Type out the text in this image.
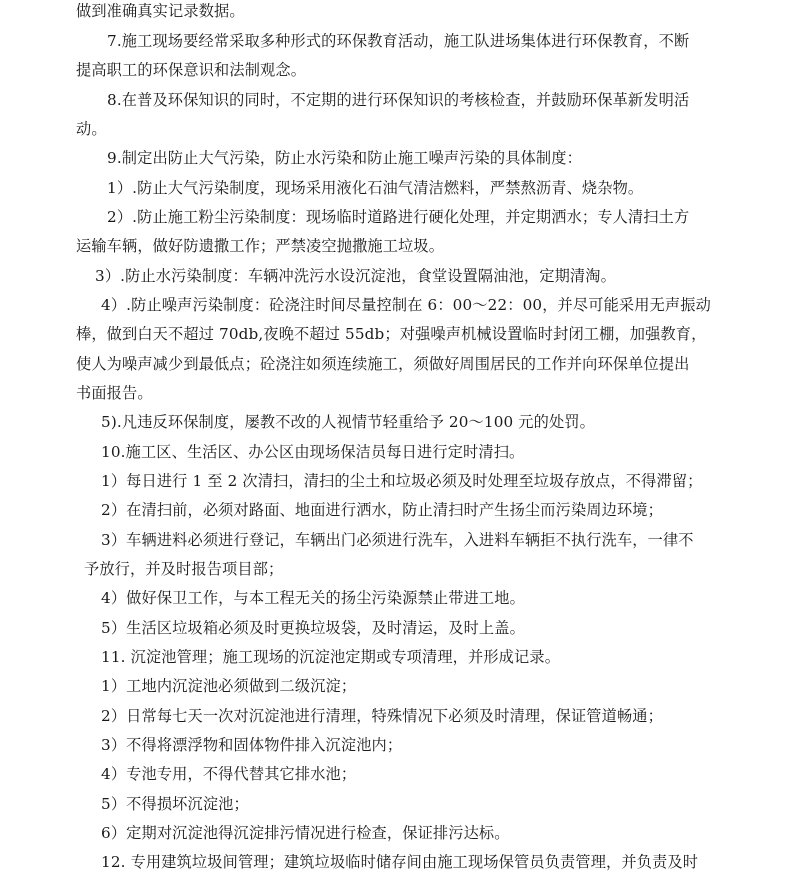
做到准确真实记录数据。
7.施工现场要经常采取多种形式的环保教育活动，施工队进场集体进行环保教育，不断
提高职工的环保意识和法制观念。
8.在普及环保知识的同时，不定期的进行环保知识的考核检查，并鼓励环保革新发明活
动。
9.制定出防止大气污染，防止水污染和防止施工噪声污染的具体制度：
1）.防止大气污染制度，现场采用液化石油气清洁燃料，严禁熬沥青、烧杂物。
2）.防止施工粉尘污染制度：现场临时道路进行硬化处理，并定期洒水；专人清扫土方
运输车辆，做好防遗撒工作；严禁凌空抛撒施工垃圾。
3）.防止水污染制度：车辆冲洗污水设沉淀池，食堂设置隔油池，定期清淘。
4）.防止噪声污染制度：砼浇注时间尽量控制在 6：00～22：00，并尽可能采用无声振动
棒，做到白天不超过 70db,夜晚不超过 55db；对强噪声机械设置临时封闭工棚，加强教育，
使人为噪声减少到最低点；砼浇注如须连续施工，须做好周围居民的工作并向环保单位提出
书面报告。
5).凡违反环保制度，屡教不改的人视情节轻重给予 20～100 元的处罚。
10.施工区、生活区、办公区由现场保洁员每日进行定时清扫。
1）每日进行 1 至 2 次清扫，清扫的尘土和垃圾必须及时处理至垃圾存放点，不得滞留；
2）在清扫前，必须对路面、地面进行洒水，防止清扫时产生扬尘而污染周边环境；
3）车辆进料必须进行登记，车辆出门必须进行洗车，入进料车辆拒不执行洗车，一律不
予放行，并及时报告项目部；
4）做好保卫工作，与本工程无关的扬尘污染源禁止带进工地。
5）生活区垃圾箱必须及时更换垃圾袋，及时清运，及时上盖。
11. 沉淀池管理；施工现场的沉淀池定期或专项清理，并形成记录。
1）工地内沉淀池必须做到二级沉淀；
2）日常每七天一次对沉淀池进行清理，特殊情况下必须及时清理，保证管道畅通；
3）不得将漂浮物和固体物件排入沉淀池内；
4）专池专用，不得代替其它排水池；
5）不得损坏沉淀池；
6）定期对沉淀池得沉淀排污情况进行检查，保证排污达标。
12. 专用建筑垃圾间管理；建筑垃圾临时储存间由施工现场保管员负责管理，并负责及时
